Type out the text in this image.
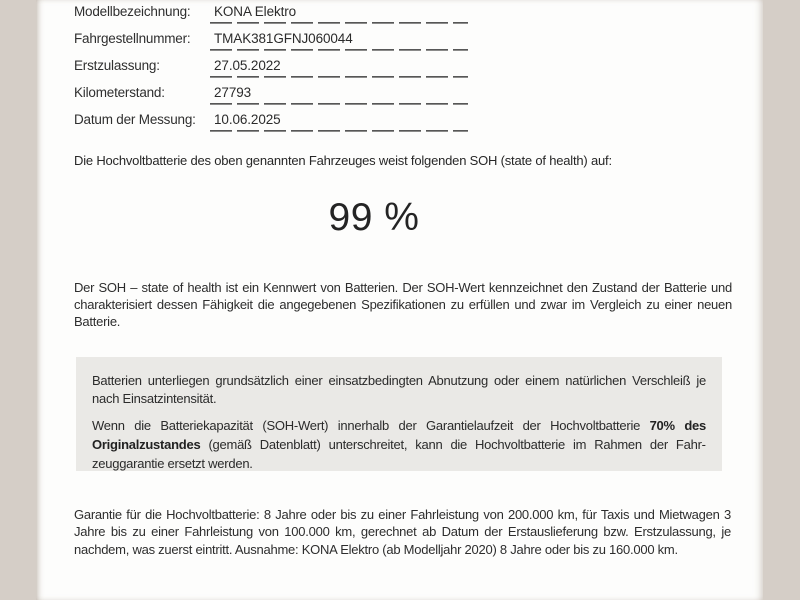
Modellbezeichnung:	KONA Elektro
Fahrgestellnummer:	TMAK381GFNJ060044
Erstzulassung:	27.05.2022
Kilometerstand:	27793
Datum der Messung:	10.06.2025

Die Hochvoltbatterie des oben genannten Fahrzeuges weist folgenden SOH (state of health) auf:

99 %

Der SOH – state of health ist ein Kennwert von Batterien. Der SOH-Wert kennzeichnet den Zustand der Batterie und charakterisiert dessen Fähigkeit die angegebenen Spezifikationen zu erfüllen und zwar im Vergleich zu einer neuen Batterie.

Batterien unterliegen grundsätzlich einer einsatzbedingten Abnutzung oder einem natürlichen Verschleiß je nach Einsatzintensität.

Wenn die Batteriekapazität (SOH-Wert) innerhalb der Garantielaufzeit der Hochvoltbatterie 70% des Originalzustandes (gemäß Datenblatt) unterschreitet, kann die Hochvoltbatterie im Rahmen der Fahrzeuggarantie ersetzt werden.

Garantie für die Hochvoltbatterie: 8 Jahre oder bis zu einer Fahrleistung von 200.000 km, für Taxis und Mietwagen 3 Jahre bis zu einer Fahrleistung von 100.000 km, gerechnet ab Datum der Erstauslieferung bzw. Erstzulassung, je nachdem, was zuerst eintritt. Ausnahme: KONA Elektro (ab Modelljahr 2020) 8 Jahre oder bis zu 160.000 km.
